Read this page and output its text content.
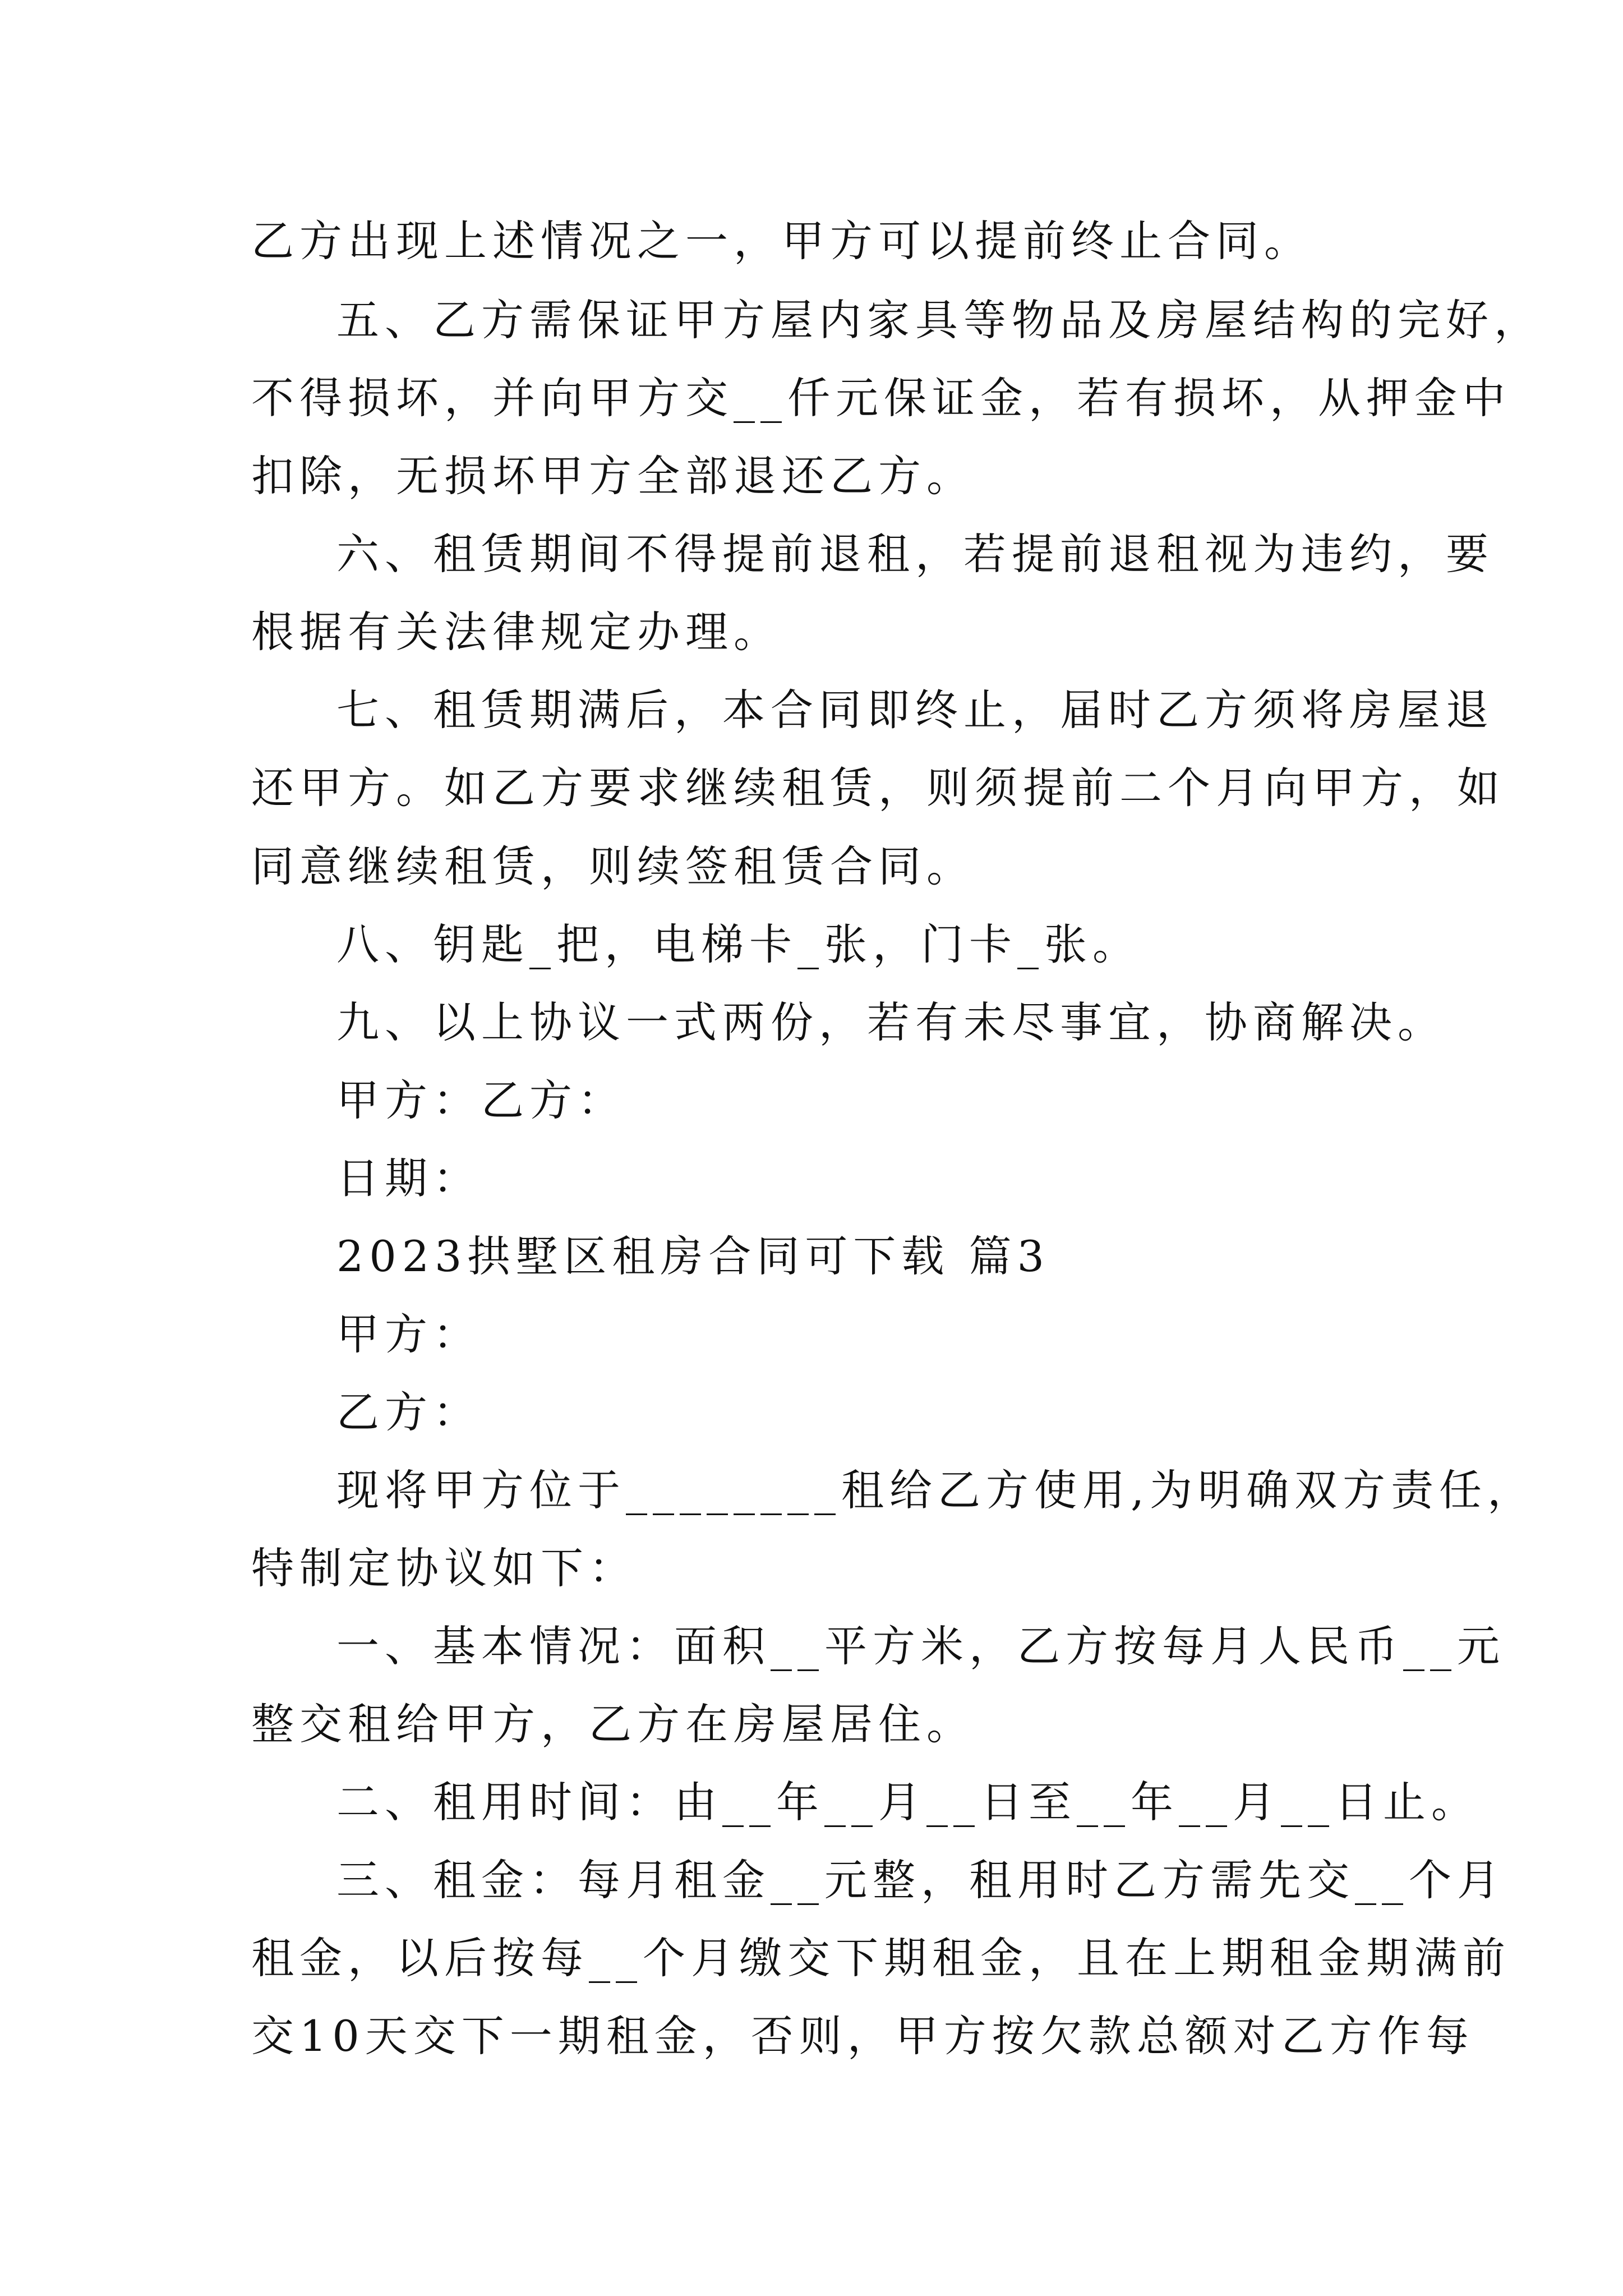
乙方出现上述情况之一，甲方可以提前终止合同。
五、乙方需保证甲方屋内家具等物品及房屋结构的完好，
不得损坏，并向甲方交__仟元保证金，若有损坏，从押金中
扣除，无损坏甲方全部退还乙方。
六、租赁期间不得提前退租，若提前退租视为违约，要
根据有关法律规定办理。
七、租赁期满后，本合同即终止，届时乙方须将房屋退
还甲方。如乙方要求继续租赁，则须提前二个月向甲方，如
同意继续租赁，则续签租赁合同。
八、钥匙_把，电梯卡_张，门卡_张。
九、以上协议一式两份，若有未尽事宜，协商解决。
甲方：乙方：
日期：
2023拱墅区租房合同可下载 篇3
甲方：
乙方：
现将甲方位于________租给乙方使用,为明确双方责任，
特制定协议如下：
一、基本情况：面积__平方米，乙方按每月人民币__元
整交租给甲方，乙方在房屋居住。
二、租用时间：由__年__月__日至__年__月__日止。
三、租金：每月租金__元整，租用时乙方需先交__个月
租金，以后按每__个月缴交下期租金，且在上期租金期满前
交10天交下一期租金，否则，甲方按欠款总额对乙方作每
